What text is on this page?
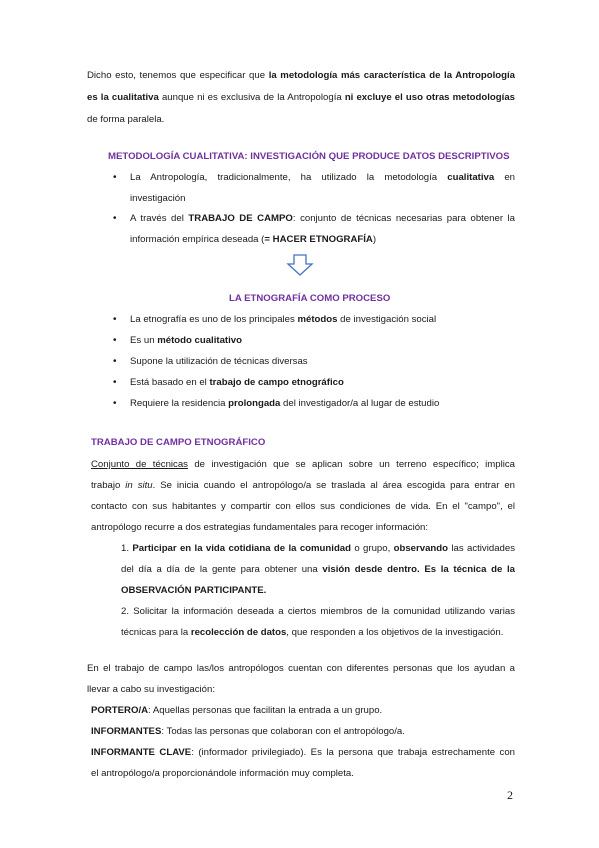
Dicho esto, tenemos que especificar que la metodología más característica de la Antropología
es la cualitativa aunque ni es exclusiva de la Antropología ni excluye el uso otras metodologías
de forma paralela.
METODOLOGÍA CUALITATIVA: INVESTIGACIÓN QUE PRODUCE DATOS DESCRIPTIVOS
• La Antropología, tradicionalmente, ha utilizado la metodología cualitativa en
investigación
• A través del TRABAJO DE CAMPO: conjunto de técnicas necesarias para obtener la
información empírica deseada (= HACER ETNOGRAFÍA)
LA ETNOGRAFÍA COMO PROCESO
• La etnografía es uno de los principales métodos de investigación social
• Es un método cualitativo
• Supone la utilización de técnicas diversas
• Está basado en el trabajo de campo etnográfico
• Requiere la residencia prolongada del investigador/a al lugar de estudio
TRABAJO DE CAMPO ETNOGRÁFICO
Conjunto de técnicas de investigación que se aplican sobre un terreno específico; implica
trabajo in situ. Se inicia cuando el antropólogo/a se traslada al área escogida para entrar en
contacto con sus habitantes y compartir con ellos sus condiciones de vida. En el "campo", el
antropólogo recurre a dos estrategias fundamentales para recoger información:
1. Participar en la vida cotidiana de la comunidad o grupo, observando las actividades
del día a día de la gente para obtener una visión desde dentro. Es la técnica de la
OBSERVACIÓN PARTICIPANTE.
2. Solicitar la información deseada a ciertos miembros de la comunidad utilizando varias
técnicas para la recolección de datos, que responden a los objetivos de la investigación.
En el trabajo de campo las/los antropólogos cuentan con diferentes personas que los ayudan a
llevar a cabo su investigación:
PORTERO/A: Aquellas personas que facilitan la entrada a un grupo.
INFORMANTES: Todas las personas que colaboran con el antropólogo/a.
INFORMANTE CLAVE: (informador privilegiado). Es la persona que trabaja estrechamente con
el antropólogo/a proporcionándole información muy completa.
2
